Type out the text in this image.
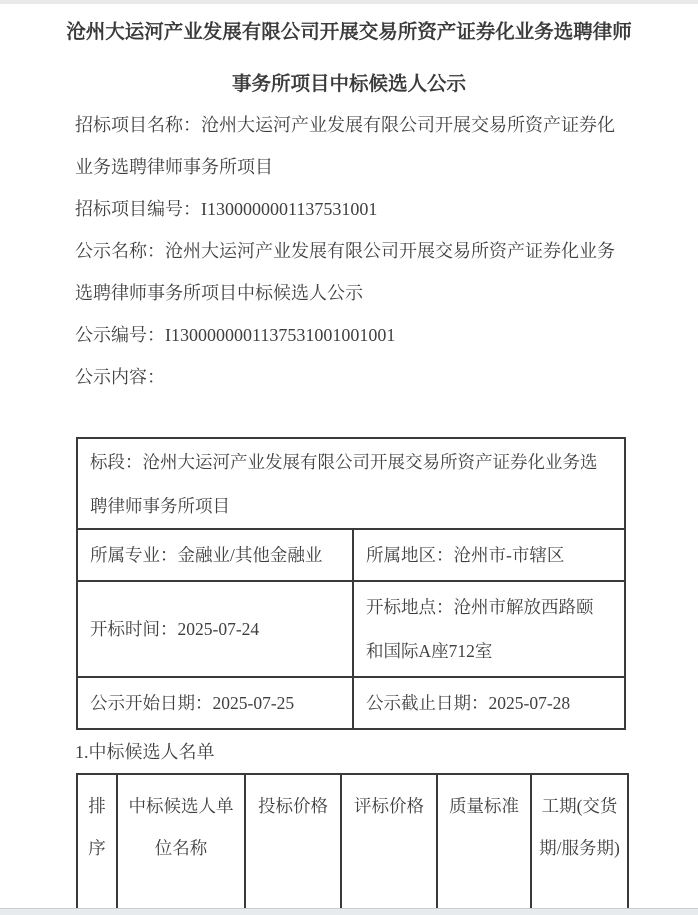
沧州大运河产业发展有限公司开展交易所资产证券化业务选聘律师事务所项目中标候选人公示

招标项目名称：沧州大运河产业发展有限公司开展交易所资产证券化业务选聘律师事务所项目

招标项目编号：I1300000001137531001

公示名称：沧州大运河产业发展有限公司开展交易所资产证券化业务选聘律师事务所项目中标候选人公示

公示编号：I1300000001137531001001001

公示内容：

标段：沧州大运河产业发展有限公司开展交易所资产证券化业务选聘律师事务所项目	
所属专业：金融业/其他金融业	所属地区：沧州市-市辖区
开标时间：2025-07-24	开标地点：沧州市解放西路颐和国际A座712室
公示开始日期：2025-07-25	公示截止日期：2025-07-28
1.中标候选人名单
排序	中标候选人单位名称	投标价格	评标价格	质量标准	工期(交货期/服务期)
